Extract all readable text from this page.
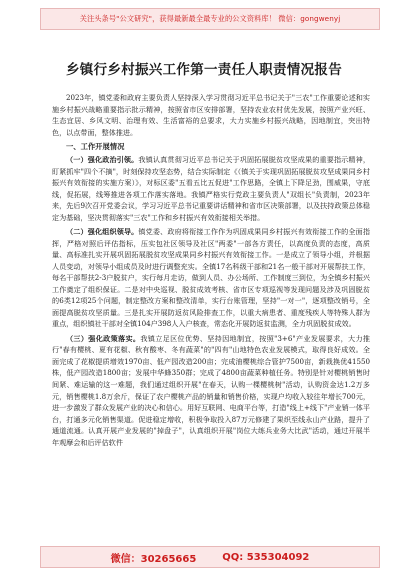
关注头条号"公文研究"，获得最新最全最专业的公文资料库！ 微信：gongwenyj
乡镇行乡村振兴工作第一责任人职责情况报告

2023年，镇党委和政府主要负责人坚持深入学习贯彻习近平总书记关于"三农"工作重要论述和实施乡村振兴战略重要指示批示精神，按照省市区安排部署，坚持农业农村优先发展，按照产业兴旺、生态宜居、乡风文明、治理有效、生活富裕的总要求，大力实施乡村振兴战略，因地制宜，突出特色，以点带面，整体推进。

一、工作开展情况

（一）强化政治引领。我镇认真贯彻习近平总书记关于巩固拓展脱贫攻坚成果的重要指示精神，盯紧抓牢"四个不摘"，时刻保持攻坚态势，结合实际制定《（镇关于实现巩固拓展脱贫攻坚成果同乡村振兴有效衔接的实施方案）》，对标区委"五看五比五促进"工作思路，全镇上下降足劲，围威果，守底线，促拓展，线筹推进各项工作落实落地。我镇严格实行党政主要负责人"双组长"负责制，2023年来，先后9次召开党委会议，学习习近平总书记重要讲话精神和省市区决策部署，以及扶持政策总体稳定为基础，坚决贯彻落实"三农"工作和乡村振兴有效衔接相关举措。

（二）强化组织领导。镇党委、政府将衔接工作作为巩固成果同乡村振兴有效衔接工作的全面指挥，严格对照后评估指标，压实包社区领导及社区"两委"一部各方责任，以高度负责的态度，高质量、高标准扎实开展巩固拓展脱贫攻坚成果同乡村振兴有效衔接工作。一是成立了领导小组，并根据人员变动，对领导小组成员及时进行调整充实。全镇17名科级干部和21名一般干部对开展帮扶工作，每名干部帮扶2-3户脱贫户，实行每月走访，做到人员、办公场所、工作制度三到位，为全镇乡村振兴工作奠定了组织保证。二是对中央巡视、脱贫成效考核、省市区专项巡视等发现问题及涉及巩固脱贫的6类12项25个问题，制定整改方案和整改清单，实行台账管理，坚持"一对一"，逐项整改销号，全面提高脱贫攻坚质量。三是扎实开展防返贫风险排查工作，以重大病患者、重度残疾人等特殊人群为重点，组织镇社干部对全镇104户398人入户核查，常态化开展防返贫监测，全力巩固脱贫成效。

（三）强化政策落实。我镇立足区位优势、坚持因地制宜，按照"3+6"产业发展要求，大力推行"春有樱桃、夏有花椒、秋有酸枣、冬有蔬菜"的"四有"山地特色农业发展模式，取得良好成效。全面完成了花椒提质增效1970亩、低产园改造200亩；完成油樱桃综合管护7500亩，新栽换优41550株，低产园改造1800亩；发展中华蜂350群；完成了4800亩蔬菜种植任务。特别是针对樱桃销售时间紧、难运输的这一难题，我们通过组织开展"在春天，认购一棵樱桃树"活动，认购资金达1.2万多元，销售樱桃1.8万余斤，保证了农户樱桃产品的销量和销售价格，实现户均收入较往年增长700元，进一步激发了群众发展产业的决心和信心。用好互联网、电商平台等，打造"线上+线下"产业销一体平台，打通多元化销售渠道。促进稳定增收，积极争取投入87万元修建了果织至线永山产业路，提升了通道流通。认真开展产业发展的"掉盘子"，认真组织开展"岗位大练兵业务大比武"活动，通过开展半年观摩会和后评估软件

微信：30265665	QQ: 535304092
